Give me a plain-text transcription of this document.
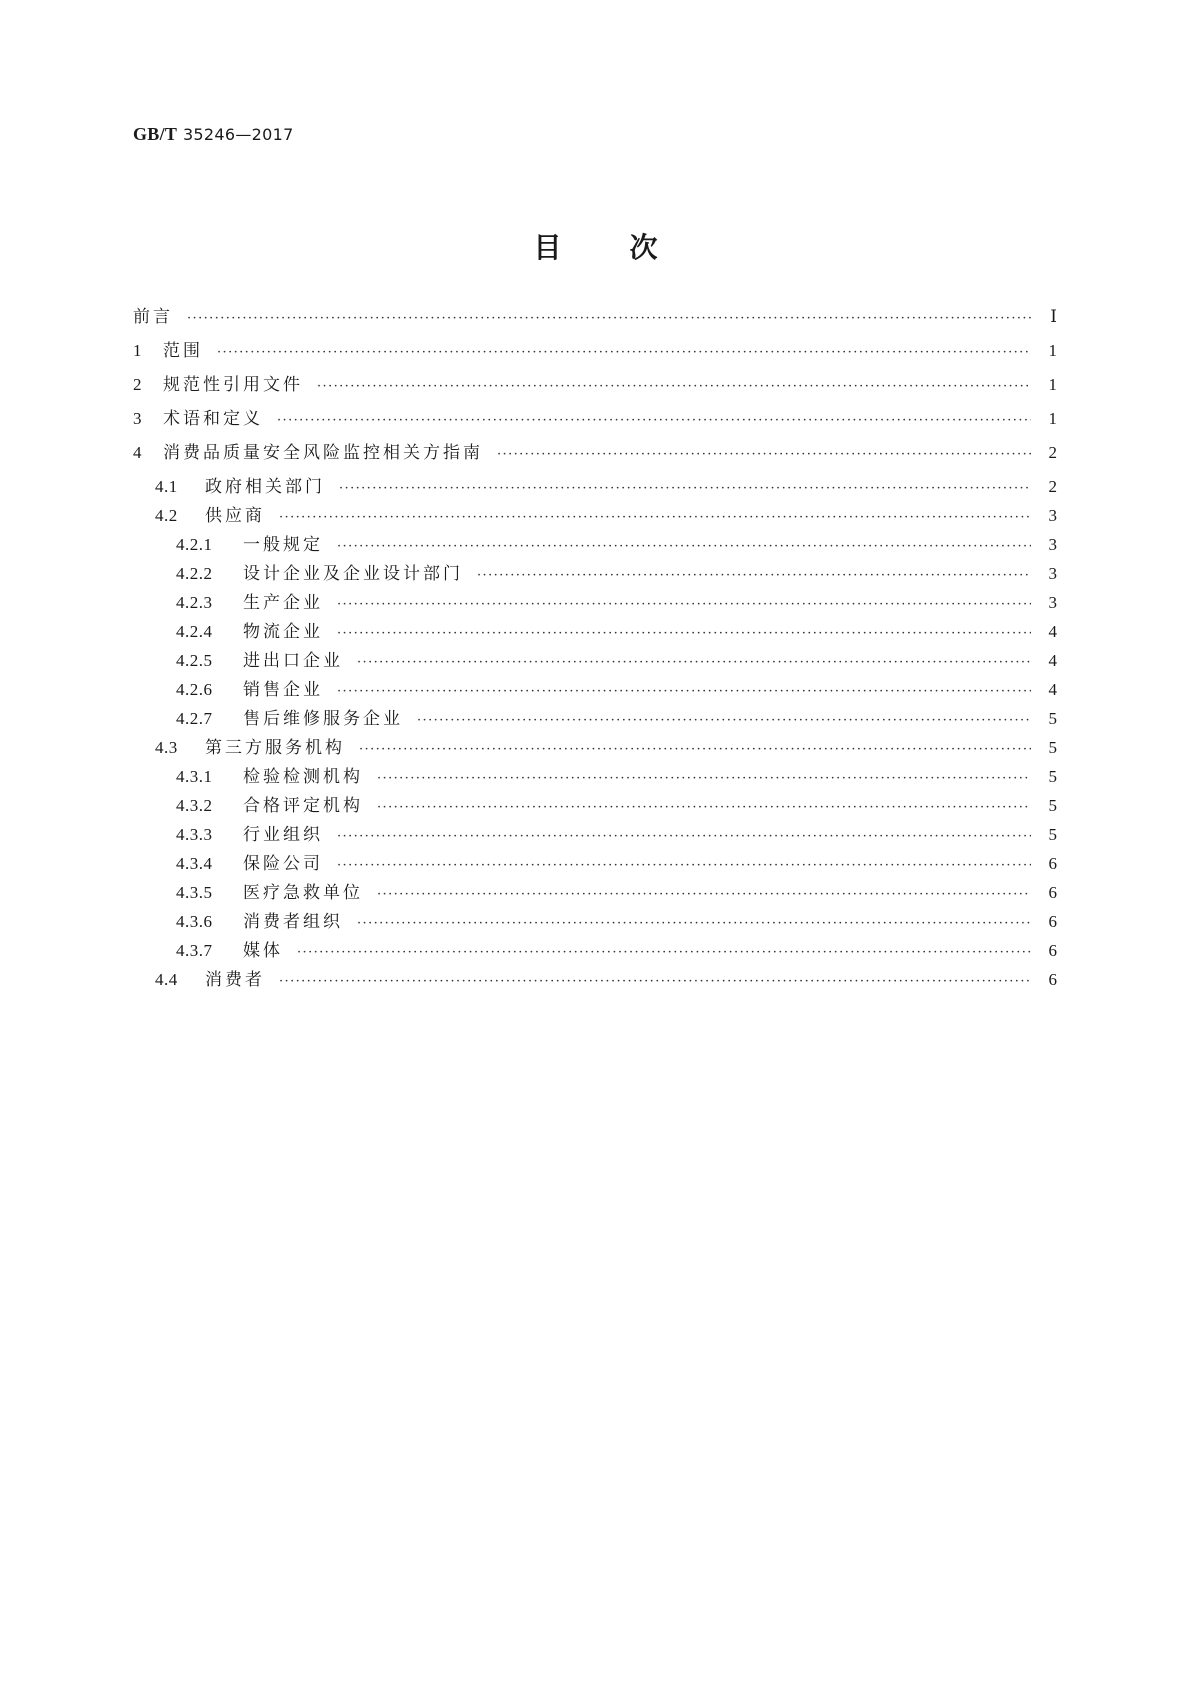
GB/T 35246—2017
目次
前言 ·····	Ⅰ
1	范围 ·····	1
2	规范性引用文件 ·····	1
3	术语和定义 ·····	1
4	消费品质量安全风险监控相关方指南 ·····	2
4.1	政府相关部门 ·····	2
4.2	供应商 ·····	3
4.2.1	一般规定 ·····	3
4.2.2	设计企业及企业设计部门 ·····	3
4.2.3	生产企业 ·····	3
4.2.4	物流企业 ·····	4
4.2.5	进出口企业 ·····	4
4.2.6	销售企业 ·····	4
4.2.7	售后维修服务企业 ·····	5
4.3	第三方服务机构 ·····	5
4.3.1	检验检测机构 ·····	5
4.3.2	合格评定机构 ·····	5
4.3.3	行业组织 ·····	5
4.3.4	保险公司 ·····	6
4.3.5	医疗急救单位 ·····	6
4.3.6	消费者组织 ·····	6
4.3.7	媒体 ·····	6
4.4	消费者 ·····	6
